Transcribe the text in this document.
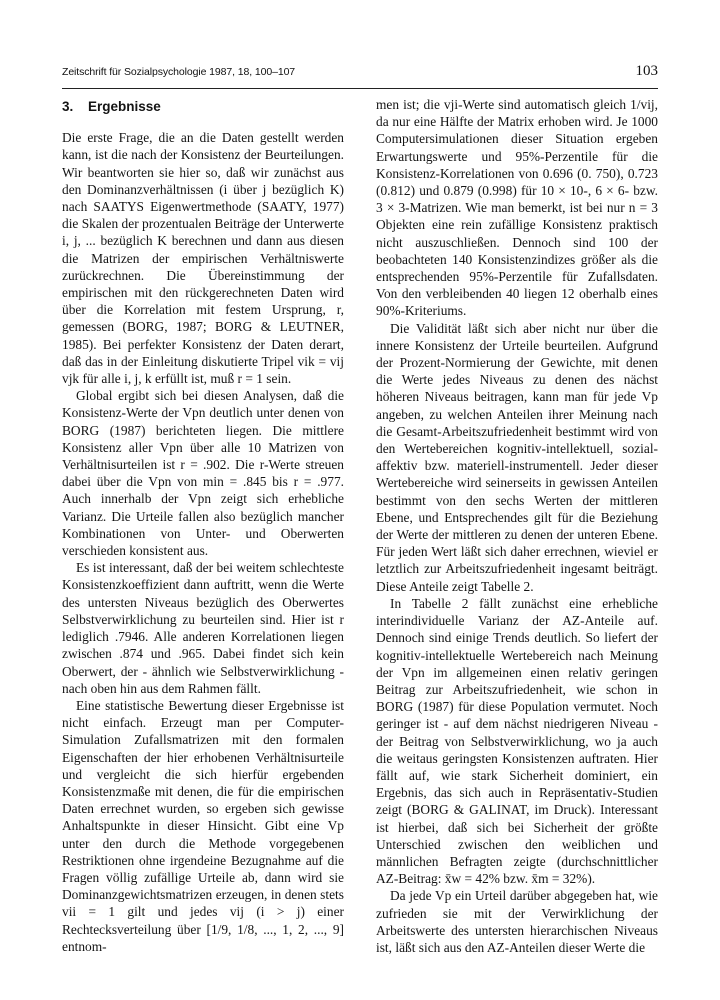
Zeitschrift für Sozialpsychologie 1987, 18, 100–107	103
3. Ergebnisse

Die erste Frage, die an die Daten gestellt werden kann, ist die nach der Konsistenz der Beurteilungen. Wir beantworten sie hier so, daß wir zunächst aus den Dominanzverhältnissen (i über j bezüglich K) nach SAATYS Eigenwertmethode (SAATY, 1977) die Skalen der prozentualen Beiträge der Unterwerte i, j, ... bezüglich K berechnen und dann aus diesen die Matrizen der empirischen Verhältniswerte zurückrechnen. Die Übereinstimmung der empirischen mit den rückgerechneten Daten wird über die Korrelation mit festem Ursprung, r, gemessen (BORG, 1987; BORG & LEUTNER, 1985). Bei perfekter Konsistenz der Daten derart, daß das in der Einleitung diskutierte Tripel vik = vij vjk für alle i, j, k erfüllt ist, muß r = 1 sein.

Global ergibt sich bei diesen Analysen, daß die Konsistenz-Werte der Vpn deutlich unter denen von BORG (1987) berichteten liegen. Die mittlere Konsistenz aller Vpn über alle 10 Matrizen von Verhältnisurteilen ist r = .902. Die r-Werte streuen dabei über die Vpn von min = .845 bis r = .977. Auch innerhalb der Vpn zeigt sich erhebliche Varianz. Die Urteile fallen also bezüglich mancher Kombinationen von Unter- und Oberwerten verschieden konsistent aus.

Es ist interessant, daß der bei weitem schlechteste Konsistenzkoeffizient dann auftritt, wenn die Werte des untersten Niveaus bezüglich des Oberwertes Selbstverwirklichung zu beurteilen sind. Hier ist r lediglich .7946. Alle anderen Korrelationen liegen zwischen .874 und .965. Dabei findet sich kein Oberwert, der - ähnlich wie Selbstverwirklichung - nach oben hin aus dem Rahmen fällt.

Eine statistische Bewertung dieser Ergebnisse ist nicht einfach. Erzeugt man per Computer-Simulation Zufallsmatrizen mit den formalen Eigenschaften der hier erhobenen Verhältnisurteile und vergleicht die sich hierfür ergebenden Konsistenzmaße mit denen, die für die empirischen Daten errechnet wurden, so ergeben sich gewisse Anhaltspunkte in dieser Hinsicht. Gibt eine Vp unter den durch die Methode vorgegebenen Restriktionen ohne irgendeine Bezugnahme auf die Fragen völlig zufällige Urteile ab, dann wird sie Dominanzgewichtsmatrizen erzeugen, in denen stets vii = 1 gilt und jedes vij (i > j) einer Rechtecksverteilung über [1/9, 1/8, ..., 1, 2, ..., 9] entnom-

men ist; die vji-Werte sind automatisch gleich 1/vij, da nur eine Hälfte der Matrix erhoben wird. Je 1000 Computersimulationen dieser Situation ergeben Erwartungswerte und 95%-Perzentile für die Konsistenz-Korrelationen von 0.696 (0. 750), 0.723 (0.812) und 0.879 (0.998) für 10 × 10-, 6 × 6- bzw. 3 × 3-Matrizen. Wie man bemerkt, ist bei nur n = 3 Objekten eine rein zufällige Konsistenz praktisch nicht auszuschließen. Dennoch sind 100 der beobachteten 140 Konsistenzindizes größer als die entsprechenden 95%-Perzentile für Zufallsdaten. Von den verbleibenden 40 liegen 12 oberhalb eines 90%-Kriteriums.

Die Validität läßt sich aber nicht nur über die innere Konsistenz der Urteile beurteilen. Aufgrund der Prozent-Normierung der Gewichte, mit denen die Werte jedes Niveaus zu denen des nächst höheren Niveaus beitragen, kann man für jede Vp angeben, zu welchen Anteilen ihrer Meinung nach die Gesamt-Arbeitszufriedenheit bestimmt wird von den Wertebereichen kognitiv-intellektuell, sozial-affektiv bzw. materiell-instrumentell. Jeder dieser Wertebereiche wird seinerseits in gewissen Anteilen bestimmt von den sechs Werten der mittleren Ebene, und Entsprechendes gilt für die Beziehung der Werte der mittleren zu denen der unteren Ebene. Für jeden Wert läßt sich daher errechnen, wieviel er letztlich zur Arbeitszufriedenheit ingesamt beiträgt. Diese Anteile zeigt Tabelle 2.

In Tabelle 2 fällt zunächst eine erhebliche interindividuelle Varianz der AZ-Anteile auf. Dennoch sind einige Trends deutlich. So liefert der kognitiv-intellektuelle Wertebereich nach Meinung der Vpn im allgemeinen einen relativ geringen Beitrag zur Arbeitszufriedenheit, wie schon in BORG (1987) für diese Population vermutet. Noch geringer ist - auf dem nächst niedrigeren Niveau - der Beitrag von Selbstverwirklichung, wo ja auch die weitaus geringsten Konsistenzen auftraten. Hier fällt auf, wie stark Sicherheit dominiert, ein Ergebnis, das sich auch in Repräsentativ-Studien zeigt (BORG & GALINAT, im Druck). Interessant ist hierbei, daß sich bei Sicherheit der größte Unterschied zwischen den weiblichen und männlichen Befragten zeigte (durchschnittlicher AZ-Beitrag: x̄w = 42% bzw. x̄m = 32%).

Da jede Vp ein Urteil darüber abgegeben hat, wie zufrieden sie mit der Verwirklichung der Arbeitswerte des untersten hierarchischen Niveaus ist, läßt sich aus den AZ-Anteilen dieser Werte die
